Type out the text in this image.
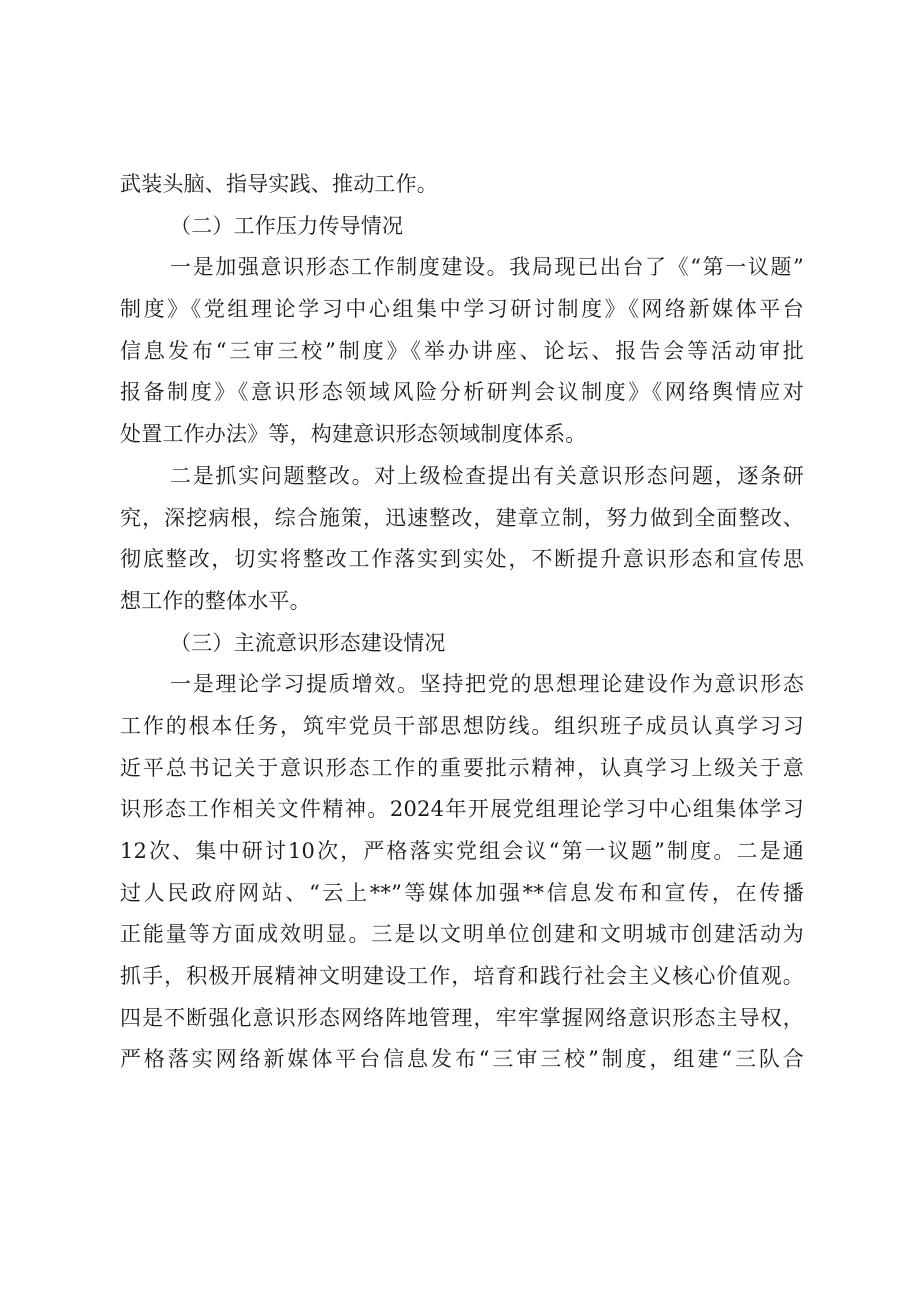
武装头脑、指导实践、推动工作。
（二）工作压力传导情况
一是加强意识形态工作制度建设。我局现已出台了《“第一议题”
制度》《党组理论学习中心组集中学习研讨制度》《网络新媒体平台
信息发布“三审三校”制度》《举办讲座、论坛、报告会等活动审批
报备制度》《意识形态领域风险分析研判会议制度》《网络舆情应对
处置工作办法》等，构建意识形态领域制度体系。
二是抓实问题整改。对上级检查提出有关意识形态问题，逐条研
究，深挖病根，综合施策，迅速整改，建章立制，努力做到全面整改、
彻底整改，切实将整改工作落实到实处，不断提升意识形态和宣传思
想工作的整体水平。
（三）主流意识形态建设情况
一是理论学习提质增效。坚持把党的思想理论建设作为意识形态
工作的根本任务，筑牢党员干部思想防线。组织班子成员认真学习习
近平总书记关于意识形态工作的重要批示精神，认真学习上级关于意
识形态工作相关文件精神。2024年开展党组理论学习中心组集体学习
12次、集中研讨10次，严格落实党组会议“第一议题”制度。二是通
过人民政府网站、“云上**”等媒体加强**信息发布和宣传，在传播
正能量等方面成效明显。三是以文明单位创建和文明城市创建活动为
抓手，积极开展精神文明建设工作，培育和践行社会主义核心价值观。
四是不断强化意识形态网络阵地管理，牢牢掌握网络意识形态主导权，
严格落实网络新媒体平台信息发布“三审三校”制度，组建“三队合
